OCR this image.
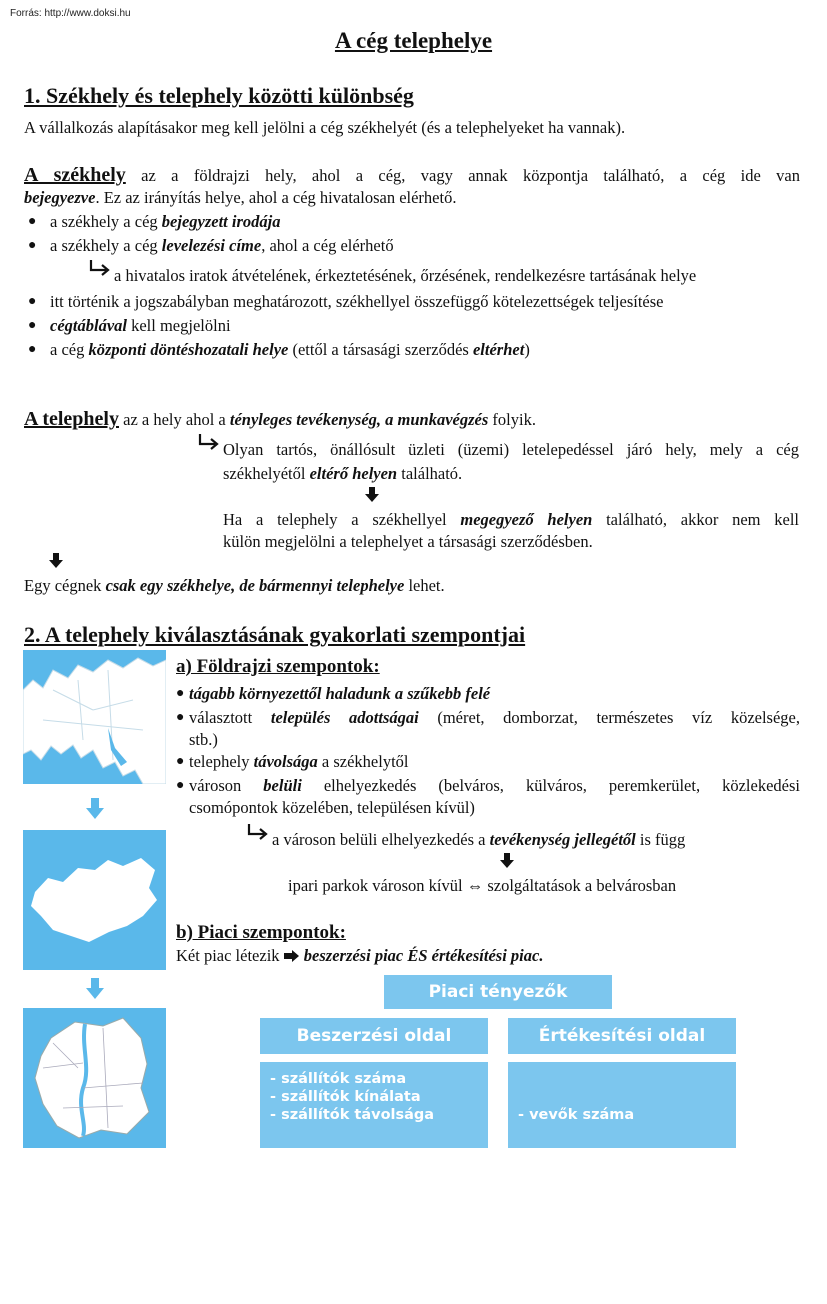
Forrás: http://www.doksi.hu
A cég telephelye
1. Székhely és telephely közötti különbség
A vállalkozás alapításakor meg kell jelölni a cég székhelyét (és a telephelyeket ha vannak).
A székhely az a földrajzi hely, ahol a cég, vagy annak központja található, a cég ide van
bejegyezve. Ez az irányítás helye, ahol a cég hivatalosan elérhető.
● a székhely a cég bejegyzett irodája
● a székhely a cég levelezési címe, ahol a cég elérhető
a hivatalos iratok átvételének, érkeztetésének, őrzésének, rendelkezésre tartásának helye
● itt történik a jogszabályban meghatározott, székhellyel összefüggő kötelezettségek teljesítése
● cégtáblával kell megjelölni
● a cég központi döntéshozatali helye (ettől a társasági szerződés eltérhet)
A telephely az a hely ahol a tényleges tevékenység, a munkavégzés folyik.
Olyan tartós, önállósult üzleti (üzemi) letelepedéssel járó hely, mely a cég
székhelyétől eltérő helyen található.
Ha a telephely a székhellyel megegyező helyen található, akkor nem kell
külön megjelölni a telephelyet a társasági szerződésben.
Egy cégnek csak egy székhelye, de bármennyi telephelye lehet.
2. A telephely kiválasztásának gyakorlati szempontjai
a) Földrajzi szempontok:
● tágabb környezettől haladunk a szűkebb felé
● választott település adottságai (méret, domborzat, természetes víz közelsége,
stb.)
● telephely távolsága a székhelytől
● városon belüli elhelyezkedés (belváros, külváros, peremkerület, közlekedési
csomópontok közelében, településen kívül)
a városon belüli elhelyezkedés a tevékenység jellegétől is függ
ipari parkok városon kívül ⇔ szolgáltatások a belvárosban
b) Piaci szempontok:
Két piac létezik  beszerzési piac ÉS értékesítési piac.
Piaci tényezők
Beszerzési oldal	Értékesítési oldal
- szállítók száma
- szállítók kínálata
- szállítók távolsága

	- vevők száma

- vevők távolsága

egymástól és tőlünk

- egyes vevők kereslete
